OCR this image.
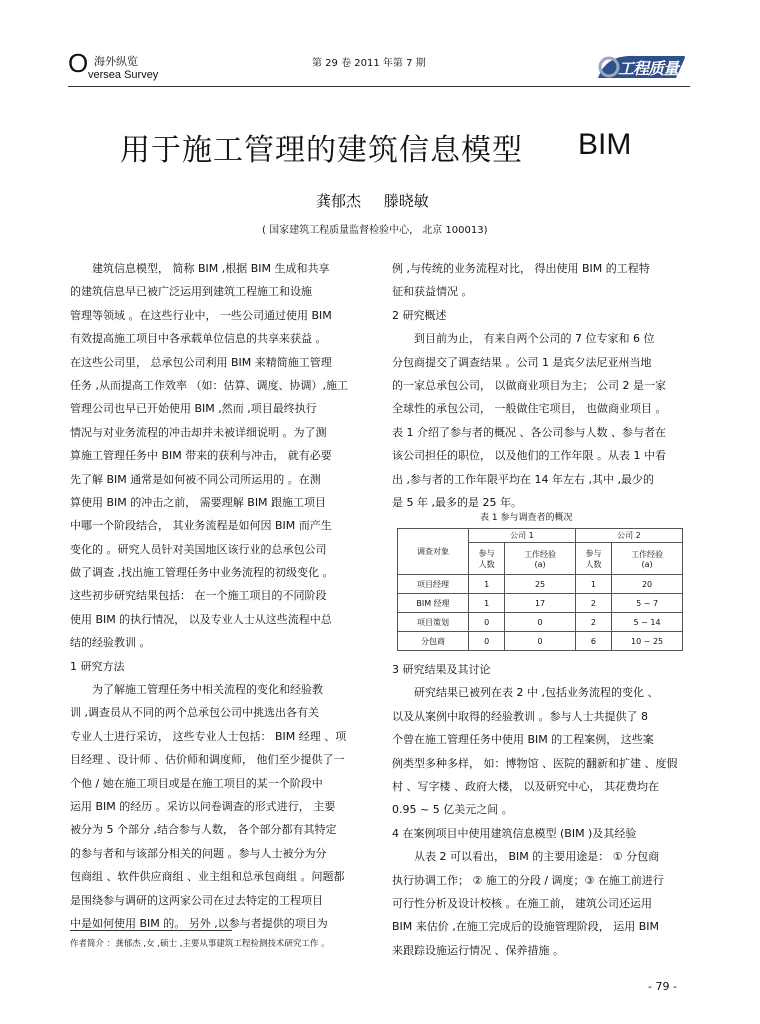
O 海外纵览
versea Survey
第 29 卷 2011 年第 7 期	工程质量
用于施工管理的建筑信息模型 BIM
龚郁杰 滕晓敏
( 国家建筑工程质量监督检验中心， 北京 100013)
建筑信息模型， 简称 BIM ,根据 BIM 生成和共享
的建筑信息早已被广泛运用到建筑工程施工和设施
管理等领域 。在这些行业中， 一些公司通过使用 BIM
有效提高施工项目中各承载单位信息的共享来获益 。
在这些公司里， 总承包公司利用 BIM 来精简施工管理
任务 ,从而提高工作效率 （如：估算、调度、协调）,施工
管理公司也早已开始使用 BIM ,然而 ,项目最终执行
情况与对业务流程的冲击却并未被详细说明 。为了测
算施工管理任务中 BIM 带来的获利与冲击， 就有必要
先了解 BIM 通常是如何被不同公司所运用的 。在测
算使用 BIM 的冲击之前， 需要理解 BIM 跟施工项目
中哪一个阶段结合， 其业务流程是如何因 BIM 而产生
变化的 。研究人员针对美国地区该行业的总承包公司
做了调查 ,找出施工管理任务中业务流程的初级变化 。
这些初步研究结果包括： 在一个施工项目的不同阶段
使用 BIM 的执行情况， 以及专业人士从这些流程中总
结的经验教训 。
1 研究方法
为了解施工管理任务中相关流程的变化和经验教
训 ,调查员从不同的两个总承包公司中挑选出各有关
专业人士进行采访， 这些专业人士包括： BIM 经理 、项
目经理 、设计师 、估价师和调度师， 他们至少提供了一
个他 / 她在施工项目或是在施工项目的某一个阶段中
运用 BIM 的经历 。采访以问卷调查的形式进行， 主要
被分为 5 个部分 ,结合参与人数， 各个部分都有其特定
的参与者和与该部分相关的问题 。参与人士被分为分
包商组 、软件供应商组 、业主组和总承包商组 。问题都
是围绕参与调研的这两家公司在过去特定的工程项目
中是如何使用 BIM 的。 另外 ,以参与者提供的项目为
例 ,与传统的业务流程对比， 得出使用 BIM 的工程特
征和获益情况 。
2 研究概述
到目前为止， 有来自两个公司的 7 位专家和 6 位
分包商提交了调查结果 。公司 1 是宾夕法尼亚州当地
的一家总承包公司， 以做商业项目为主； 公司 2 是一家
全球性的承包公司， 一般做住宅项目， 也做商业项目 。
表 1 介绍了参与者的概况 、各公司参与人数 、参与者在
该公司担任的职位， 以及他们的工作年限 。从表 1 中看
出 ,参与者的工作年限平均在 14 年左右 ,其中 ,最少的
是 5 年 ,最多的是 25 年。
表 1 参与调查者的概况
调查对象	公司 1		公司 2	
	参与
人数	工作经验
(a)	参与
人数	工作经验
(a)
项目经理	1	25	1	20
BIM 经理	1	17	2	5 ~ 7
项目策划	0	0	2	5 ~ 14
分包商	0	0	6	10 ~ 25
3 研究结果及其讨论
研究结果已被列在表 2 中 ,包括业务流程的变化 、
以及从案例中取得的经验教训 。参与人士共提供了 8
个曾在施工管理任务中使用 BIM 的工程案例， 这些案
例类型多种多样， 如：博物馆 、医院的翻新和扩建 、度假
村 、写字楼 、政府大楼， 以及研究中心， 其花费均在
0.95 ~ 5 亿美元之间 。
4 在案例项目中使用建筑信息模型 (BIM )及其经验
从表 2 可以看出， BIM 的主要用途是： ① 分包商
执行协调工作； ② 施工的分段 / 调度；③ 在施工前进行
可行性分析及设计校核 。在施工前， 建筑公司还运用
BIM 来估价 ,在施工完成后的设施管理阶段， 运用 BIM
来跟踪设施运行情况 、保养措施 。
作者简介 ：龚郁杰 ,女 ,硕士 ,主要从事建筑工程检测技术研究工作 。
- 79 -
